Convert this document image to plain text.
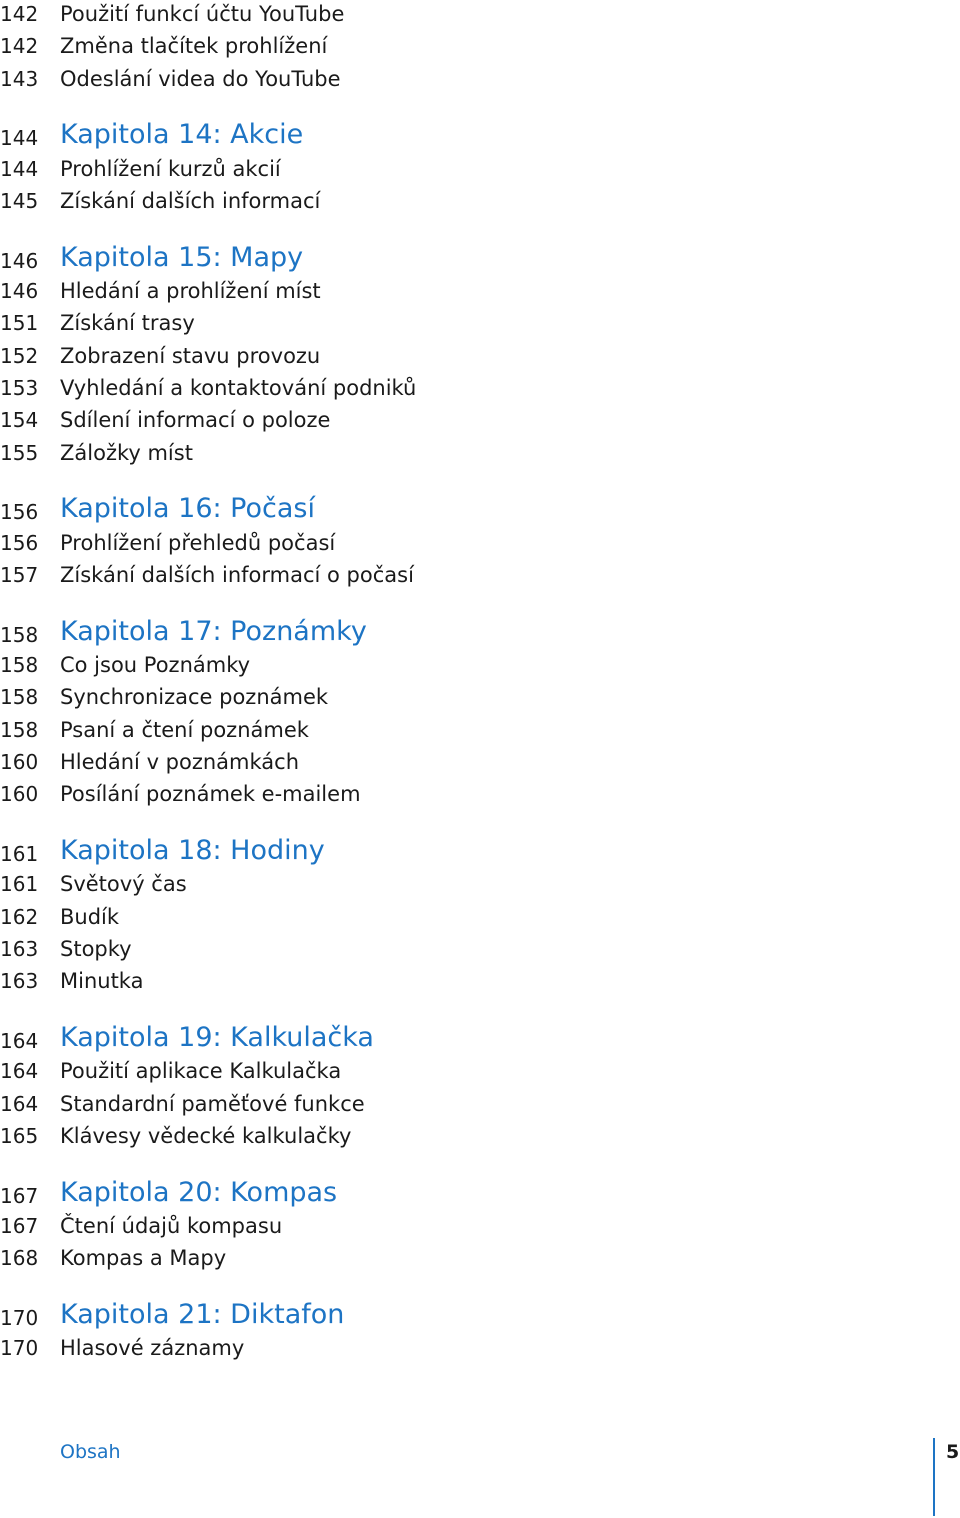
142 Použití funkcí účtu YouTube
142 Změna tlačítek prohlížení
143 Odeslání videa do YouTube
144 Kapitola 14: Akcie
144 Prohlížení kurzů akcií
145 Získání dalších informací
146 Kapitola 15: Mapy
146 Hledání a prohlížení míst
151 Získání trasy
152 Zobrazení stavu provozu
153 Vyhledání a kontaktování podniků
154 Sdílení informací o poloze
155 Záložky míst
156 Kapitola 16: Počasí
156 Prohlížení přehledů počasí
157 Získání dalších informací o počasí
158 Kapitola 17: Poznámky
158 Co jsou Poznámky
158 Synchronizace poznámek
158 Psaní a čtení poznámek
160 Hledání v poznámkách
160 Posílání poznámek e-mailem
161 Kapitola 18: Hodiny
161 Světový čas
162 Budík
163 Stopky
163 Minutka
164 Kapitola 19: Kalkulačka
164 Použití aplikace Kalkulačka
164 Standardní paměťové funkce
165 Klávesy vědecké kalkulačky
167 Kapitola 20: Kompas
167 Čtení údajů kompasu
168 Kompas a Mapy
170 Kapitola 21: Diktafon
170 Hlasové záznamy
Obsah	5
